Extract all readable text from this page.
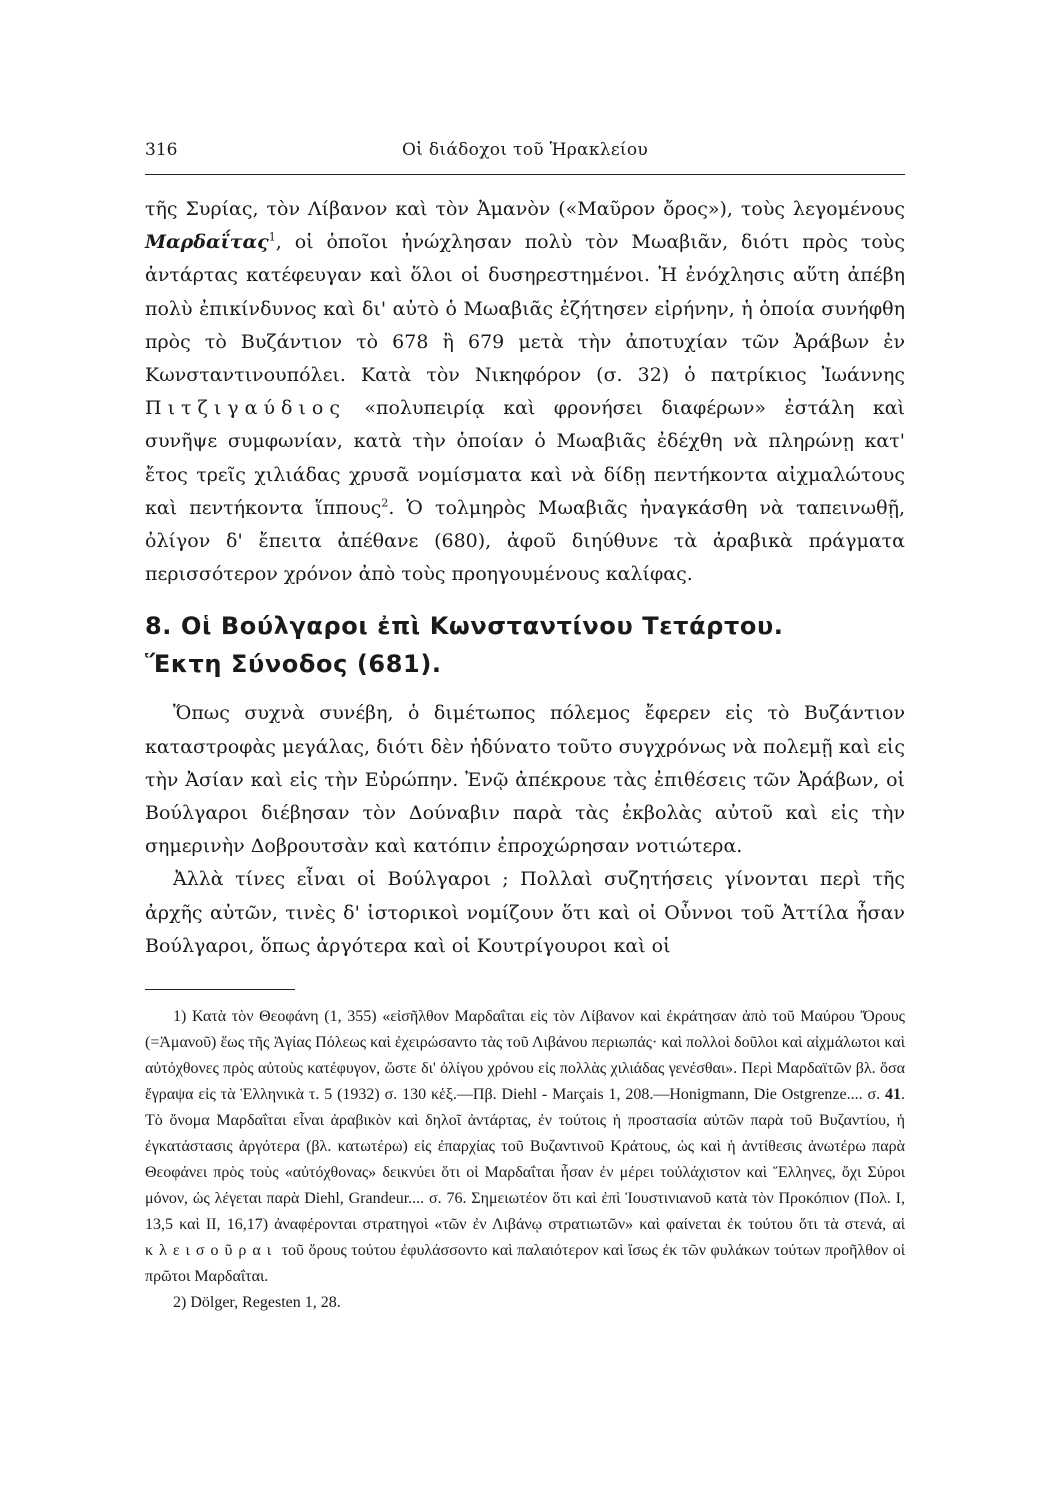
316	Οἱ διάδοχοι τοῦ Ἡρακλείου

τῆς Συρίας, τὸν Λίβανον καὶ τὸν Ἀμανὸν («Μαῦρον ὄρος»), τοὺς λεγομένους Μαρδαΐτας$^1$, οἱ ὁποῖοι ἠνώχλησαν πολὺ τὸν Μωαβιᾶν, διότι πρὸς τοὺς ἀντάρτας κατέφευγαν καὶ ὅλοι οἱ δυσηρεστημένοι. Ἡ ἐνόχλησις αὕτη ἀπέβη πολὺ ἐπικίνδυνος καὶ δι' αὐτὸ ὁ Μωαβιᾶς ἐζήτησεν εἰρήνην, ἡ ὁποία συνήφθη πρὸς τὸ Βυζάντιον τὸ 678 ἢ 679 μετὰ τὴν ἀποτυχίαν τῶν Ἀράβων ἐν Κωνσταντινουπόλει. Κατὰ τὸν Νικηφόρον (σ. 32) ὁ πατρίκιος Ἰωάννης Πιτζιγαύδιος «πολυπειρίᾳ καὶ φρονήσει διαφέρων» ἐστάλη καὶ συνῆψε συμφωνίαν, κατὰ τὴν ὁποίαν ὁ Μωαβιᾶς ἐδέχθη νὰ πληρώνῃ κατ' ἔτος τρεῖς χιλιάδας χρυσᾶ νομίσματα καὶ νὰ δίδῃ πεντήκοντα αἰχμαλώτους καὶ πεντήκοντα ἵππους$^2$. Ὁ τολμηρὸς Μωαβιᾶς ἠναγκάσθη νὰ ταπεινωθῇ, ὀλίγον δ' ἔπειτα ἀπέθανε (680), ἀφοῦ διηύθυνε τὰ ἀραβικὰ πράγματα περισσότερον χρόνον ἀπὸ τοὺς προηγουμένους καλίφας.

8. Οἱ Βούλγαροι ἐπὶ Κωνσταντίνου Τετάρτου.
Ἕκτη Σύνοδος (681).

Ὅπως συχνὰ συνέβη, ὁ διμέτωπος πόλεμος ἔφερεν εἰς τὸ Βυζάντιον καταστροφὰς μεγάλας, διότι δὲν ἠδύνατο τοῦτο συγχρόνως νὰ πολεμῇ καὶ εἰς τὴν Ἀσίαν καὶ εἰς τὴν Εὐρώπην. Ἐνῷ ἀπέκρουε τὰς ἐπιθέσεις τῶν Ἀράβων, οἱ Βούλγαροι διέβησαν τὸν Δούναβιν παρὰ τὰς ἐκβολὰς αὐτοῦ καὶ εἰς τὴν σημερινὴν Δοβρουτσὰν καὶ κατόπιν ἐπροχώρησαν νοτιώτερα.

Ἀλλὰ τίνες εἶναι οἱ Βούλγαροι ; Πολλαὶ συζητήσεις γίνονται περὶ τῆς ἀρχῆς αὐτῶν, τινὲς δ' ἱστορικοὶ νομίζουν ὅτι καὶ οἱ Οὖννοι τοῦ Ἀττίλα ἦσαν Βούλγαροι, ὅπως ἀργότερα καὶ οἱ Κουτρίγουροι καὶ οἱ

1) Κατὰ τὸν Θεοφάνη (1, 355) «εἰσῆλθον Μαρδαΐται εἰς τὸν Λίβανον καὶ ἐκράτησαν ἀπὸ τοῦ Μαύρου Ὄρους (=Ἀμανοῦ) ἕως τῆς Ἁγίας Πόλεως καὶ ἐχειρώσαντο τὰς τοῦ Λιβάνου περιωπάς· καὶ πολλοὶ δοῦλοι καὶ αἰχμάλωτοι καὶ αὐτόχθονες πρὸς αὐτοὺς κατέφυγον, ὥστε δι' ὀλίγου χρόνου εἰς πολλὰς χιλιάδας γενέσθαι». Περὶ Μαρδαϊτῶν βλ. ὅσα ἔγραψα εἰς τὰ Ἑλληνικὰ τ. 5 (1932) σ. 130 κἑξ.—Πβ. Diehl - Marçais 1, 208.—Honigmann, Die Ostgrenze.... σ. 41. Τὸ ὄνομα Μαρδαΐται εἶναι ἀραβικὸν καὶ δηλοῖ ἀντάρτας, ἐν τούτοις ἡ προστασία αὐτῶν παρὰ τοῦ Βυζαντίου, ἡ ἐγκατάστασις ἀργότερα (βλ. κατωτέρω) εἰς ἐπαρχίας τοῦ Βυζαντινοῦ Κράτους, ὡς καὶ ἡ ἀντίθεσις ἀνωτέρω παρὰ Θεοφάνει πρὸς τοὺς «αὐτόχθονας» δεικνύει ὅτι οἱ Μαρδαΐται ἦσαν ἐν μέρει τοὐλάχιστον καὶ Ἕλληνες, ὄχι Σύροι μόνον, ὡς λέγεται παρὰ Diehl, Grandeur.... σ. 76. Σημειωτέον ὅτι καὶ ἐπὶ Ἰουστινιανοῦ κατὰ τὸν Προκόπιον (Πολ. I, 13,5 καὶ II, 16,17) ἀναφέρονται στρατηγοὶ «τῶν ἐν Λιβάνῳ στρατιωτῶν» καὶ φαίνεται ἐκ τούτου ὅτι τὰ στενά, αἱ κλεισοῦραι τοῦ ὄρους τούτου ἐφυλάσσοντο καὶ παλαιότερον καὶ ἴσως ἐκ τῶν φυλάκων τούτων προῆλθον οἱ πρῶτοι Μαρδαΐται.

2) Dölger, Regesten 1, 28.
